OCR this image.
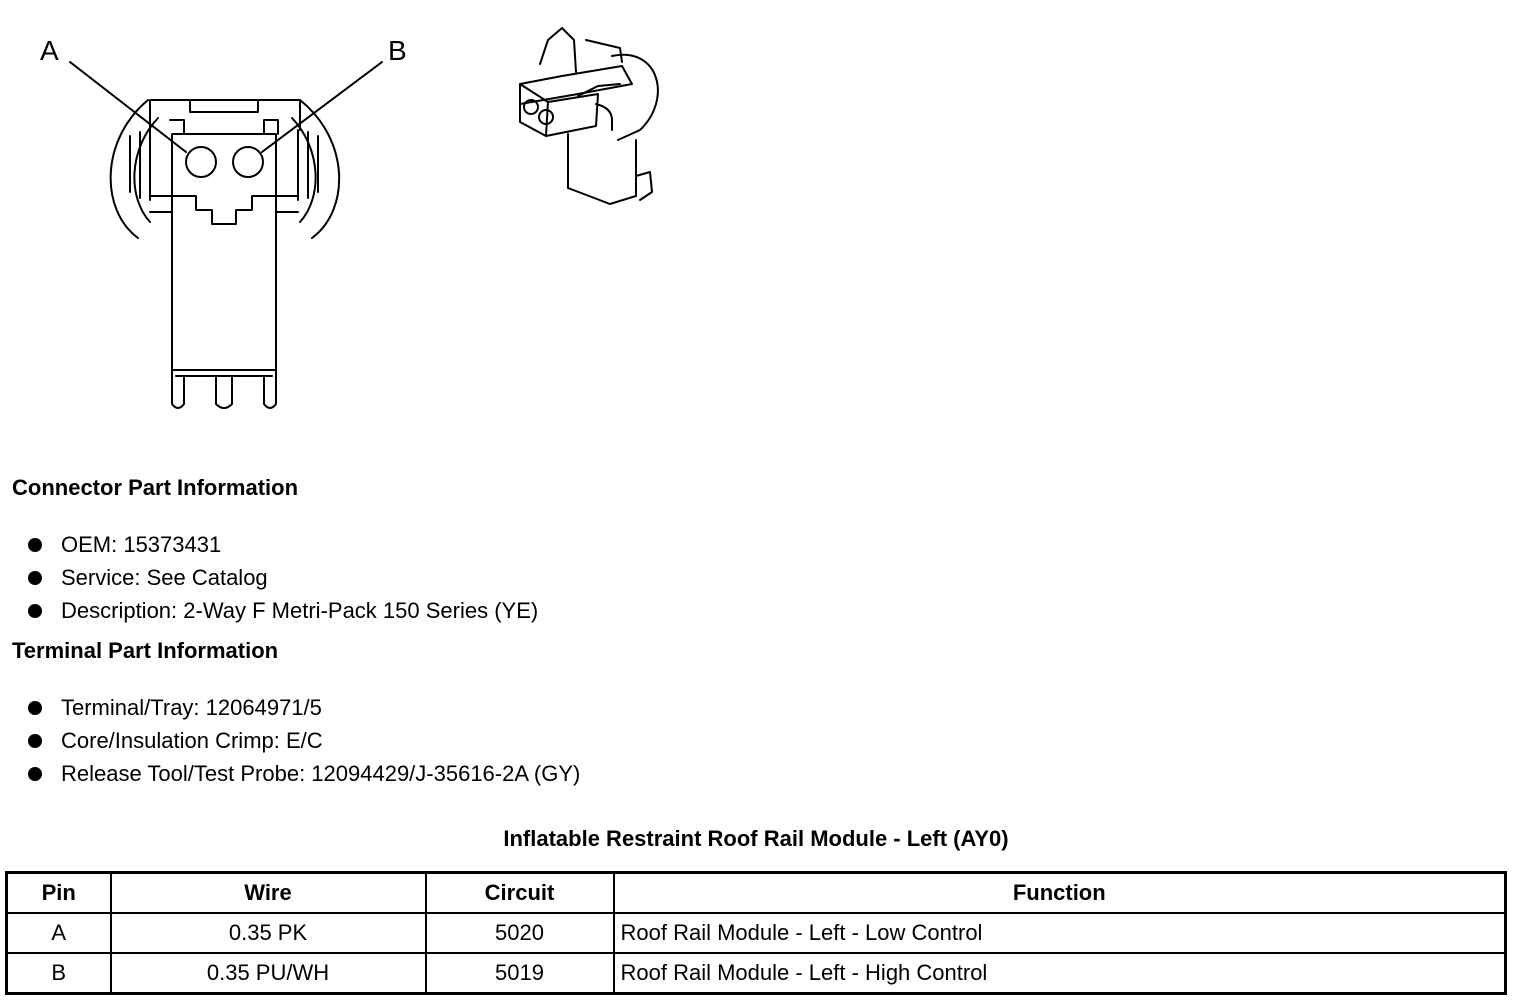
A	B
Connector Part Information
OEM: 15373431
Service: See Catalog
Description: 2-Way F Metri-Pack 150 Series (YE)
Terminal Part Information
Terminal/Tray: 12064971/5
Core/Insulation Crimp: E/C
Release Tool/Test Probe: 12094429/J-35616-2A (GY)
Inflatable Restraint Roof Rail Module - Left (AY0)
Pin	Wire	Circuit	Function
A	0.35 PK	5020	Roof Rail Module - Left - Low Control
B	0.35 PU/WH	5019	Roof Rail Module - Left - High Control
